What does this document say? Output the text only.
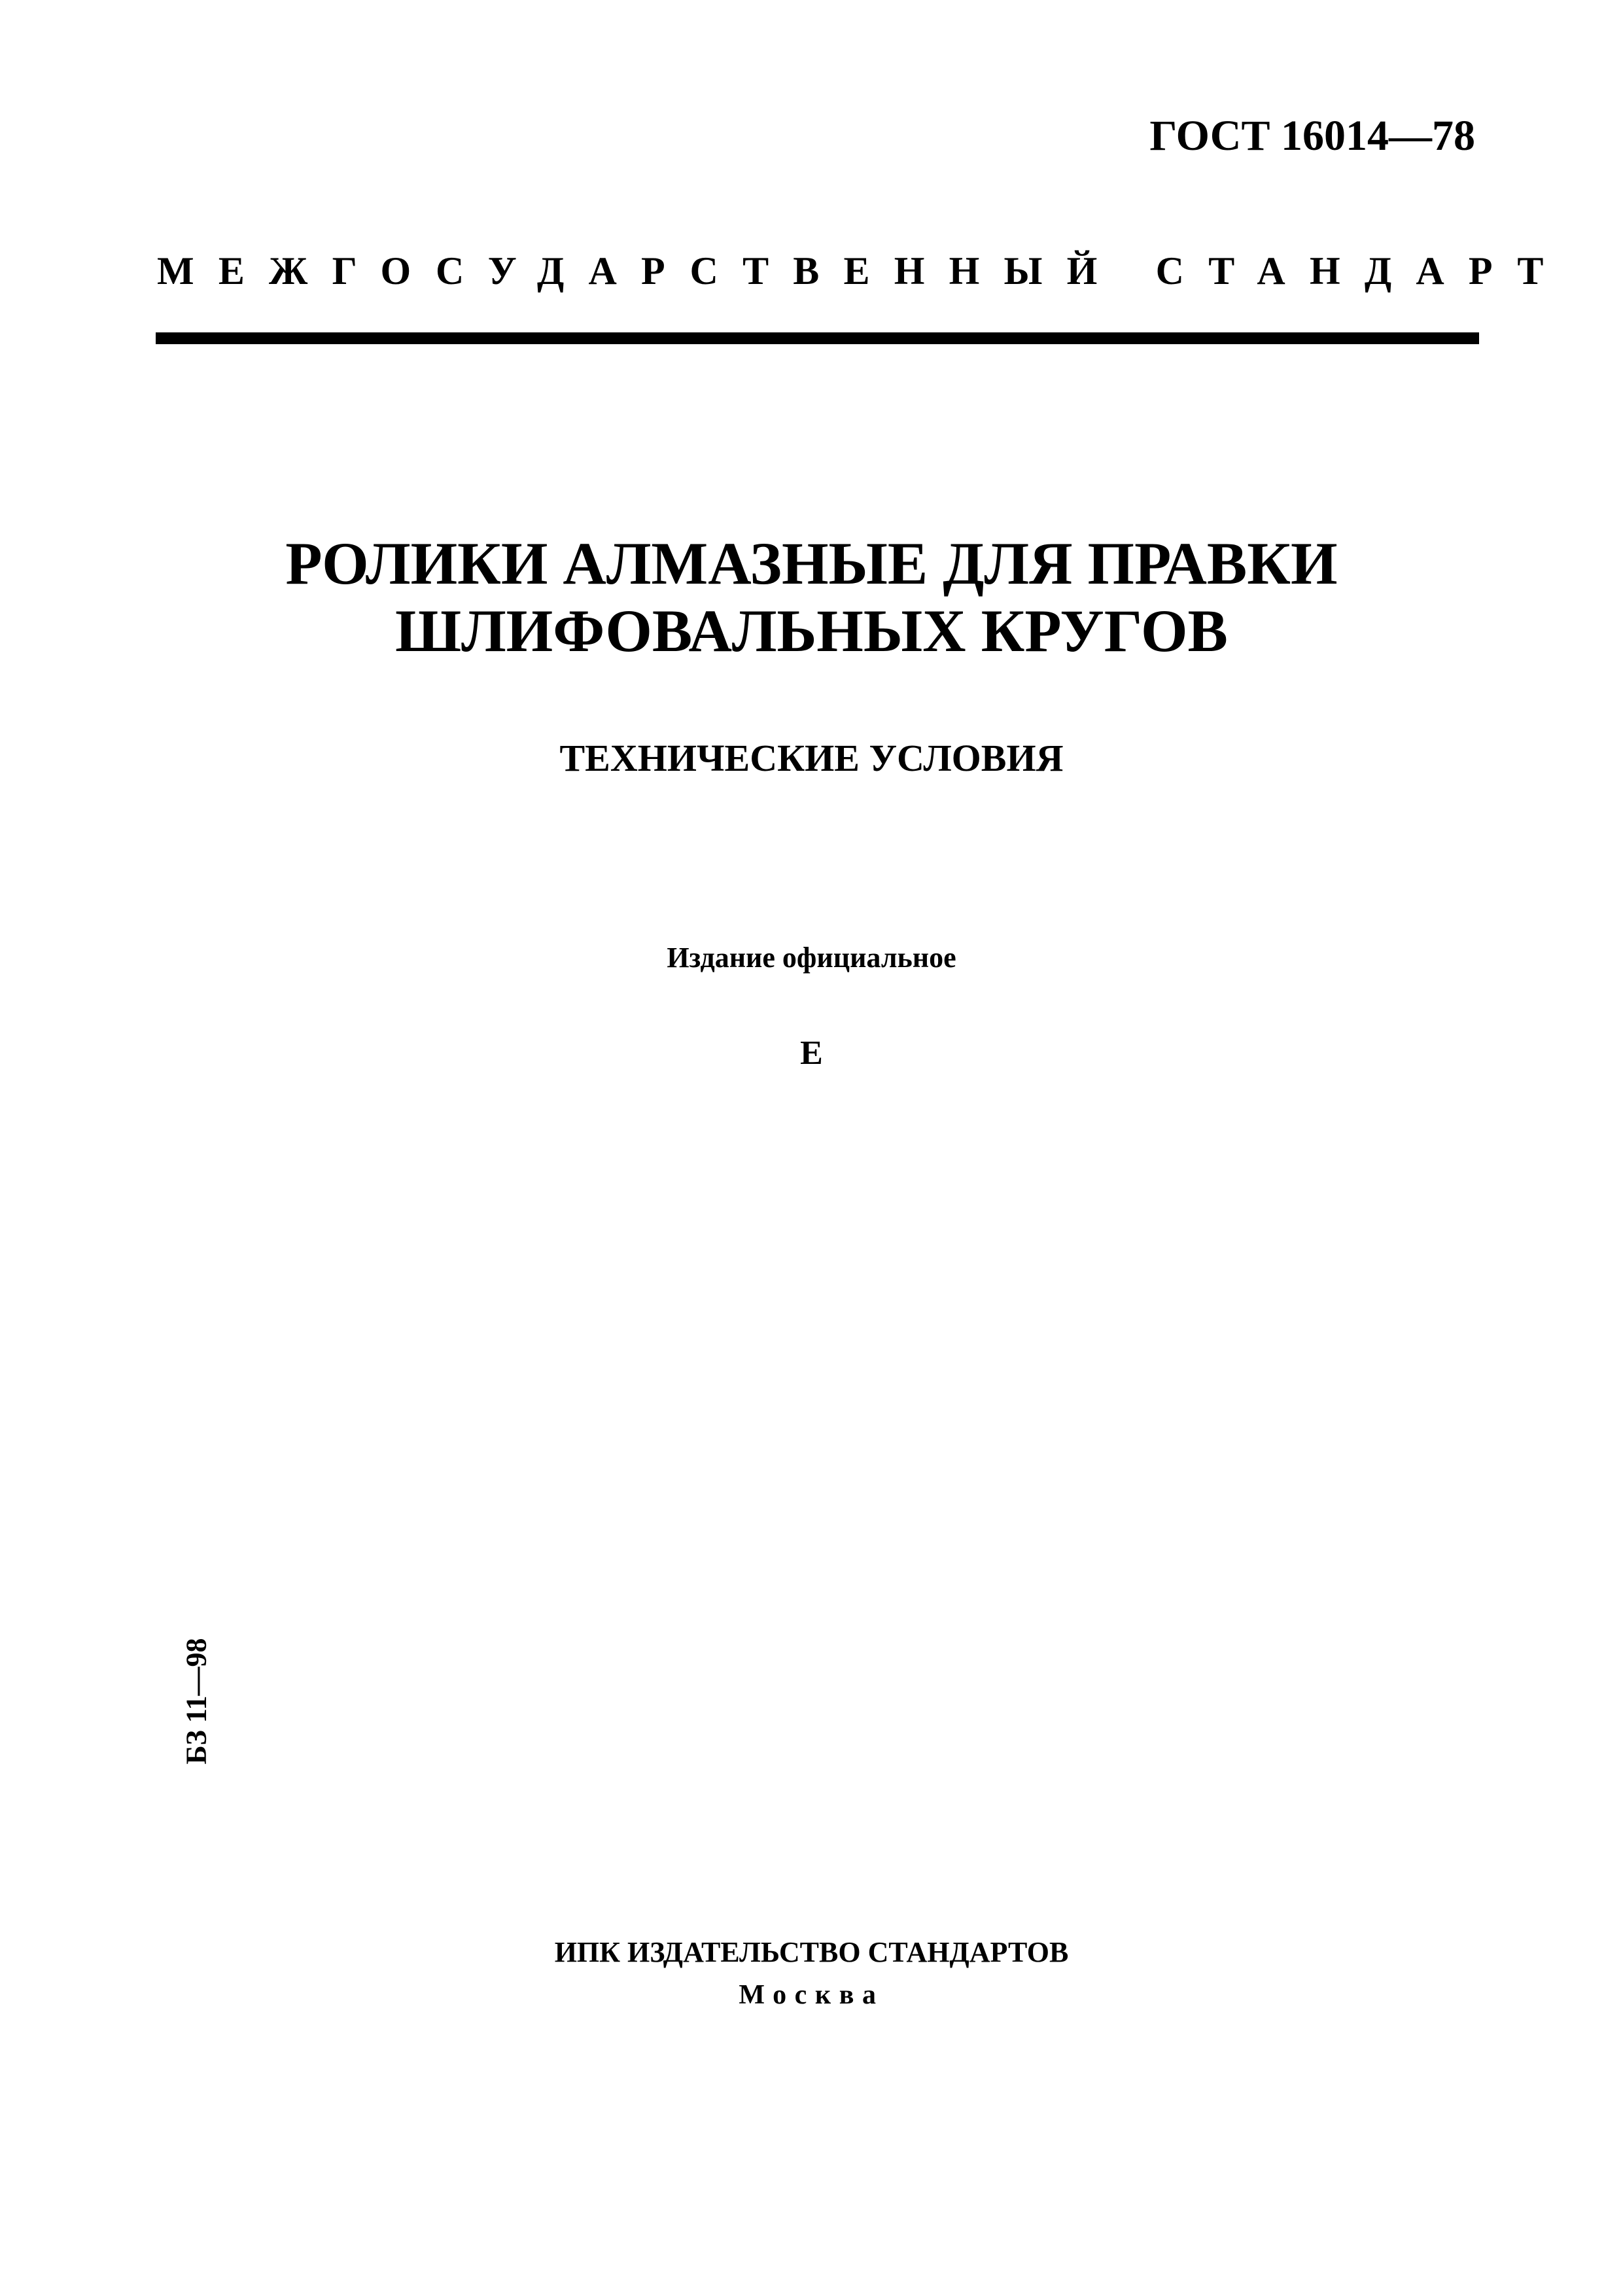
ГОСТ 16014—78
МЕЖГОСУДАРСТВЕННЫЙ СТАНДАРТ
РОЛИКИ АЛМАЗНЫЕ ДЛЯ ПРАВКИ
ШЛИФОВАЛЬНЫХ КРУГОВ
ТЕХНИЧЕСКИЕ УСЛОВИЯ
Издание официальное
Е
БЗ 11—98
ИПК ИЗДАТЕЛЬСТВО СТАНДАРТОВ
Москва
